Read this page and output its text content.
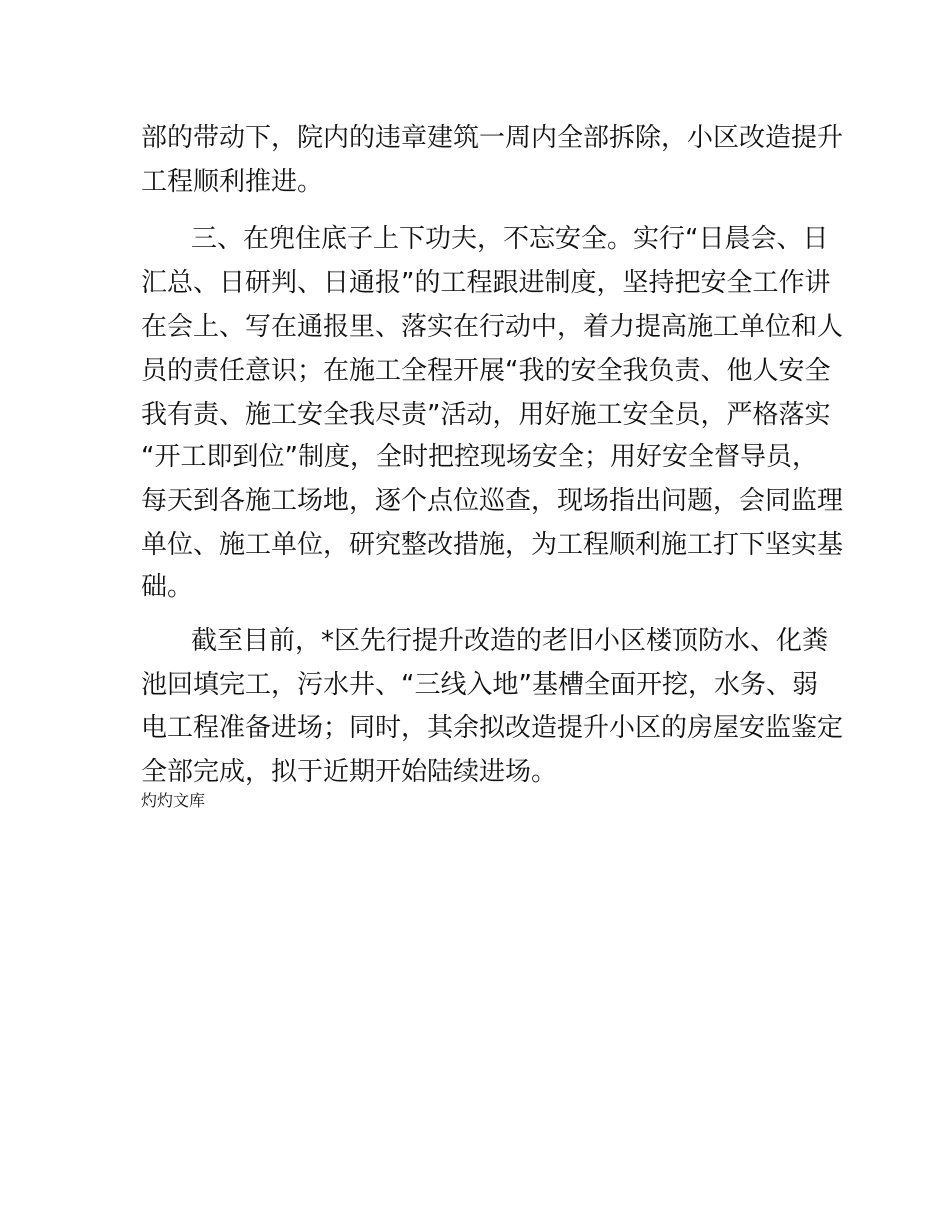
部的带动下，院内的违章建筑一周内全部拆除，小区改造提升
工程顺利推进。
三、在兜住底子上下功夫，不忘安全。实行“日晨会、日
汇总、日研判、日通报”的工程跟进制度，坚持把安全工作讲
在会上、写在通报里、落实在行动中，着力提高施工单位和人
员的责任意识；在施工全程开展“我的安全我负责、他人安全
我有责、施工安全我尽责”活动，用好施工安全员，严格落实
“开工即到位”制度，全时把控现场安全；用好安全督导员，
每天到各施工场地，逐个点位巡查，现场指出问题，会同监理
单位、施工单位，研究整改措施，为工程顺利施工打下坚实基
础。
截至目前，*区先行提升改造的老旧小区楼顶防水、化粪
池回填完工，污水井、“三线入地”基槽全面开挖，水务、弱
电工程准备进场；同时，其余拟改造提升小区的房屋安监鉴定
全部完成，拟于近期开始陆续进场。
灼灼文库
